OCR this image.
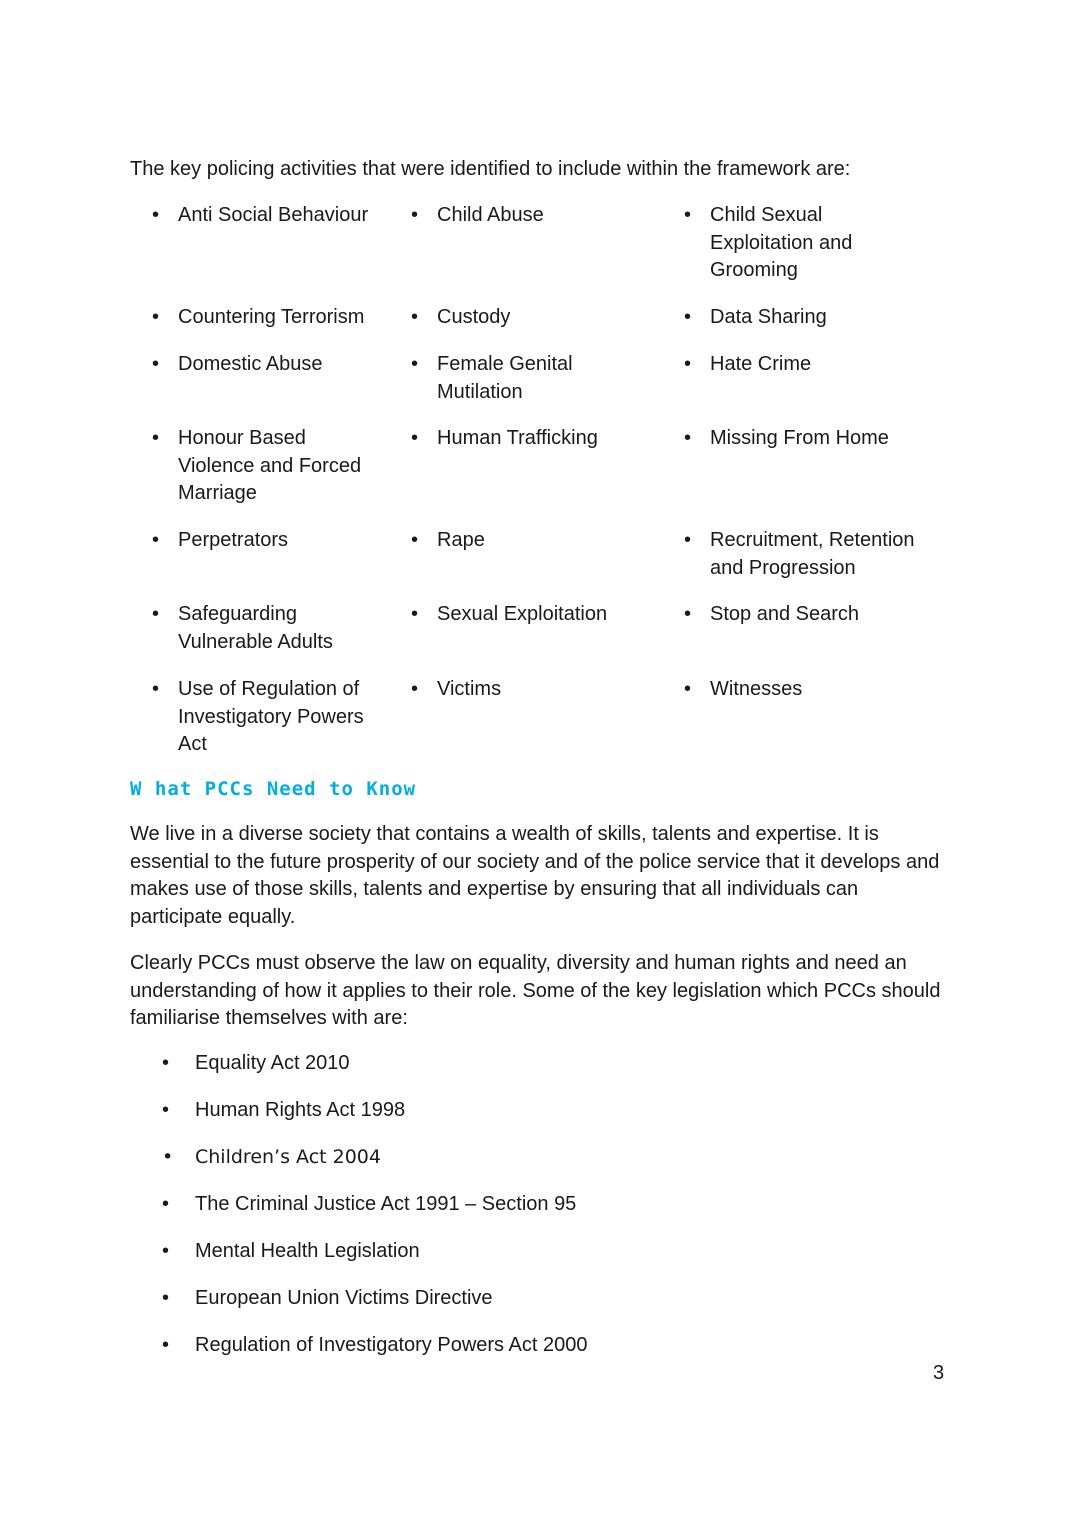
The key policing activities that were identified to include within the framework are:
• Anti Social Behaviour	• Child Abuse	• Child Sexual Exploitation and Grooming
• Countering Terrorism	• Custody	• Data Sharing
• Domestic Abuse	• Female Genital Mutilation
• Hate Crime
• Honour Based Violence and Forced Marriage
• Human Trafficking	• Missing From Home
• Perpetrators	• Rape	• Recruitment, Retention and Progression
• Safeguarding Vulnerable Adults
• Sexual Exploitation	• Stop and Search
• Use of Regulation of Investigatory Powers Act
• Victims	• Witnesses
W hat PCCs Need to Know

We live in a diverse society that contains a wealth of skills, talents and expertise. It is essential to the future prosperity of our society and of the police service that it develops and makes use of those skills, talents and expertise by ensuring that all individuals can participate equally.

Clearly PCCs must observe the law on equality, diversity and human rights and need an understanding of how it applies to their role. Some of the key legislation which PCCs should familiarise themselves with are:

• Equality Act 2010
• Human Rights Act 1998
• Children’s Act 2004
• The Criminal Justice Act 1991 – Section 95
• Mental Health Legislation
• European Union Victims Directive
• Regulation of Investigatory Powers Act 2000
3
